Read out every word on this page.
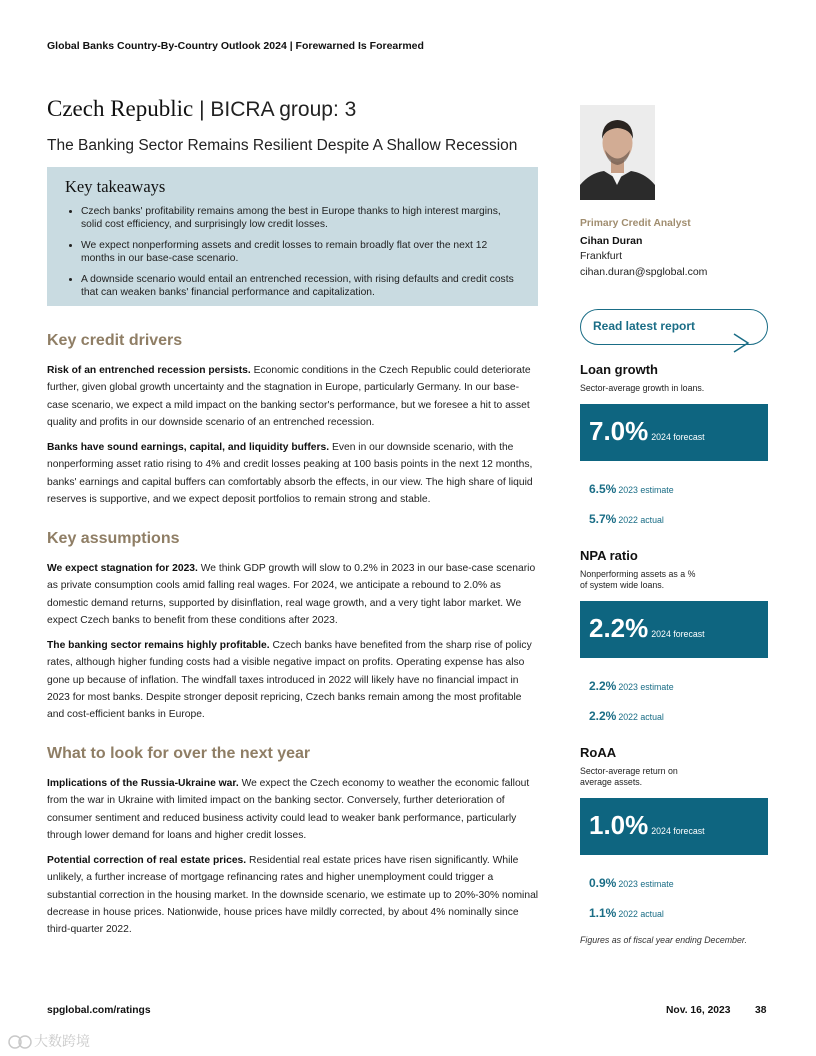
Global Banks Country-By-Country Outlook 2024 | Forewarned Is Forearmed
Czech Republic | BICRA group: 3
The Banking Sector Remains Resilient Despite A Shallow Recession
Key takeaways
• Czech banks' profitability remains among the best in Europe thanks to high interest margins, solid cost efficiency, and surprisingly low credit losses.
• We expect nonperforming assets and credit losses to remain broadly flat over the next 12 months in our base-case scenario.
• A downside scenario would entail an entrenched recession, with rising defaults and credit costs that can weaken banks' financial performance and capitalization.
Key credit drivers

Risk of an entrenched recession persists. Economic conditions in the Czech Republic could deteriorate further, given global growth uncertainty and the stagnation in Europe, particularly Germany. In our base-case scenario, we expect a mild impact on the banking sector's performance, but we foresee a hit to asset quality and profits in our downside scenario of an entrenched recession.

Banks have sound earnings, capital, and liquidity buffers. Even in our downside scenario, with the nonperforming asset ratio rising to 4% and credit losses peaking at 100 basis points in the next 12 months, banks' earnings and capital buffers can comfortably absorb the effects, in our view. The high share of liquid reserves is supportive, and we expect deposit portfolios to remain strong and stable.

Key assumptions

We expect stagnation for 2023. We think GDP growth will slow to 0.2% in 2023 in our base-case scenario as private consumption cools amid falling real wages. For 2024, we anticipate a rebound to 2.0% as domestic demand returns, supported by disinflation, real wage growth, and a very tight labor market. We expect Czech banks to benefit from these conditions after 2023.

The banking sector remains highly profitable. Czech banks have benefited from the sharp rise of policy rates, although higher funding costs had a visible negative impact on profits. Operating expense has also gone up because of inflation. The windfall taxes introduced in 2022 will likely have no financial impact in 2023 for most banks. Despite stronger deposit repricing, Czech banks remain among the most profitable and cost-efficient banks in Europe.

What to look for over the next year

Implications of the Russia-Ukraine war. We expect the Czech economy to weather the economic fallout from the war in Ukraine with limited impact on the banking sector. Conversely, further deterioration of consumer sentiment and reduced business activity could lead to weaker bank performance, particularly through lower demand for loans and higher credit losses.

Potential correction of real estate prices. Residential real estate prices have risen significantly. While unlikely, a further increase of mortgage refinancing rates and higher unemployment could trigger a substantial correction in the housing market. In the downside scenario, we estimate up to 20%-30% nominal decrease in house prices. Nationwide, house prices have mildly corrected, by about 4% nominally since third-quarter 2022.

Primary Credit Analyst
Cihan Duran
Frankfurt
cihan.duran@spglobal.com
Read latest report
Loan growth
Sector-average growth in loans.
7.0% 2024 forecast
6.5% 2023 estimate
5.7% 2022 actual
NPA ratio
Nonperforming assets as a % of system wide loans.
2.2% 2024 forecast
2.2% 2023 estimate
2.2% 2022 actual
RoAA
Sector-average return on average assets.
1.0% 2024 forecast
0.9% 2023 estimate
1.1% 2022 actual
Figures as of fiscal year ending December.
spglobal.com/ratings	Nov. 16, 2023 38
大数跨境
